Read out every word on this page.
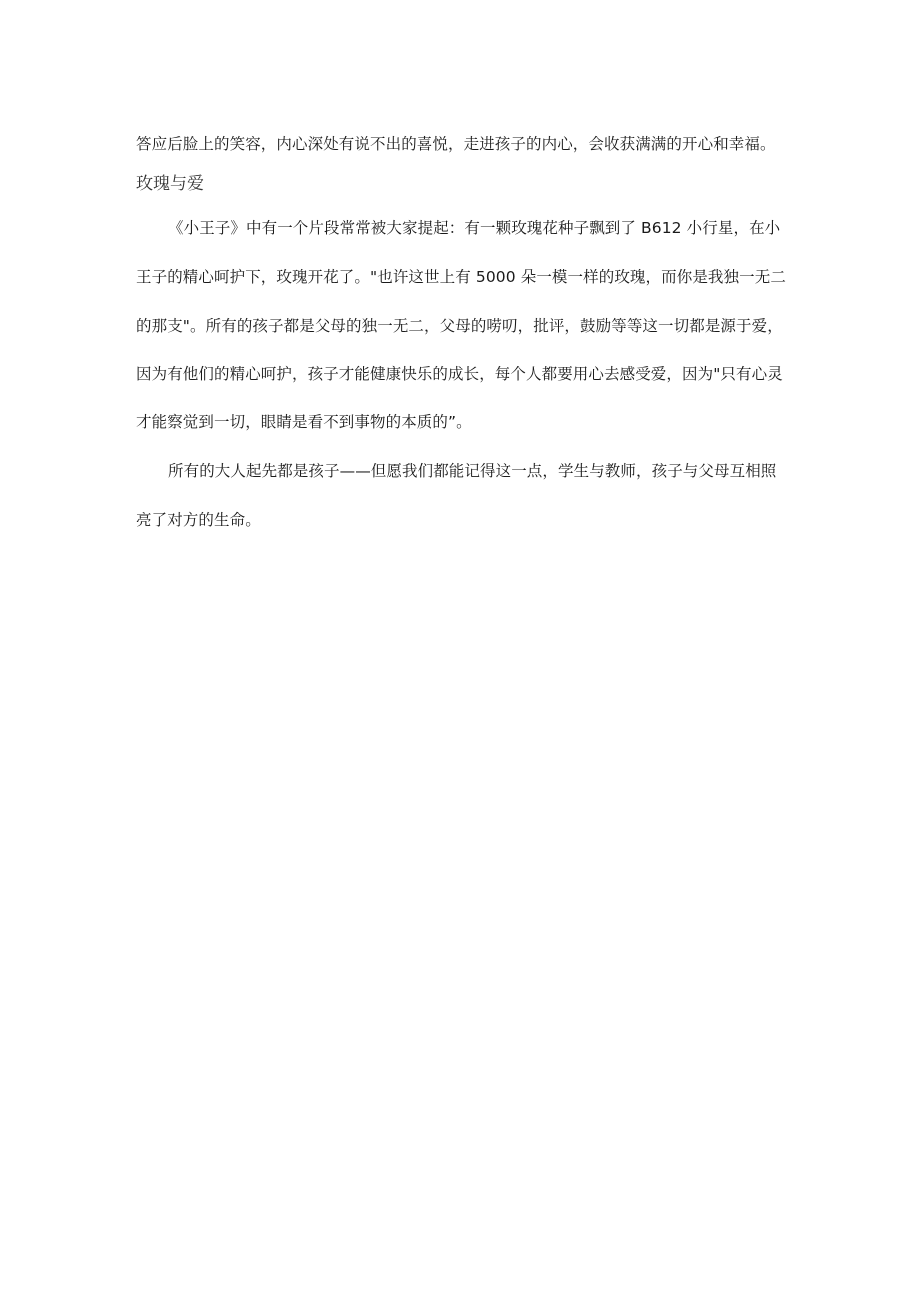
答应后脸上的笑容，内心深处有说不出的喜悦，走进孩子的内心，会收获满满的开心和幸福。
玫瑰与爱
《小王子》中有一个片段常常被大家提起：有一颗玫瑰花种子飘到了 B612 小行星，在小
王子的精心呵护下，玫瑰开花了。"也许这世上有 5000 朵一模一样的玫瑰，而你是我独一无二
的那支"。所有的孩子都是父母的独一无二，父母的唠叨，批评，鼓励等等这一切都是源于爱，
因为有他们的精心呵护，孩子才能健康快乐的成长，每个人都要用心去感受爱，因为"只有心灵
才能察觉到一切，眼睛是看不到事物的本质的”。
所有的大人起先都是孩子——但愿我们都能记得这一点，学生与教师，孩子与父母互相照
亮了对方的生命。
